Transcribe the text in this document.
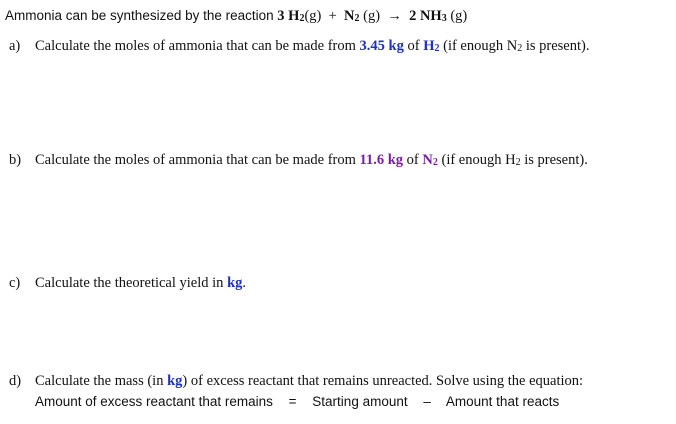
Ammonia can be synthesized by the reaction 3 H2(g) + N2 (g) → 2 NH3 (g)
a) Calculate the moles of ammonia that can be made from 3.45 kg of H2 (if enough N2 is present).
b) Calculate the moles of ammonia that can be made from 11.6 kg of N2 (if enough H2 is present).
c) Calculate the theoretical yield in kg.
d) Calculate the mass (in kg) of excess reactant that remains unreacted. Solve using the equation:
Amount of excess reactant that remains = Starting amount – Amount that reacts
